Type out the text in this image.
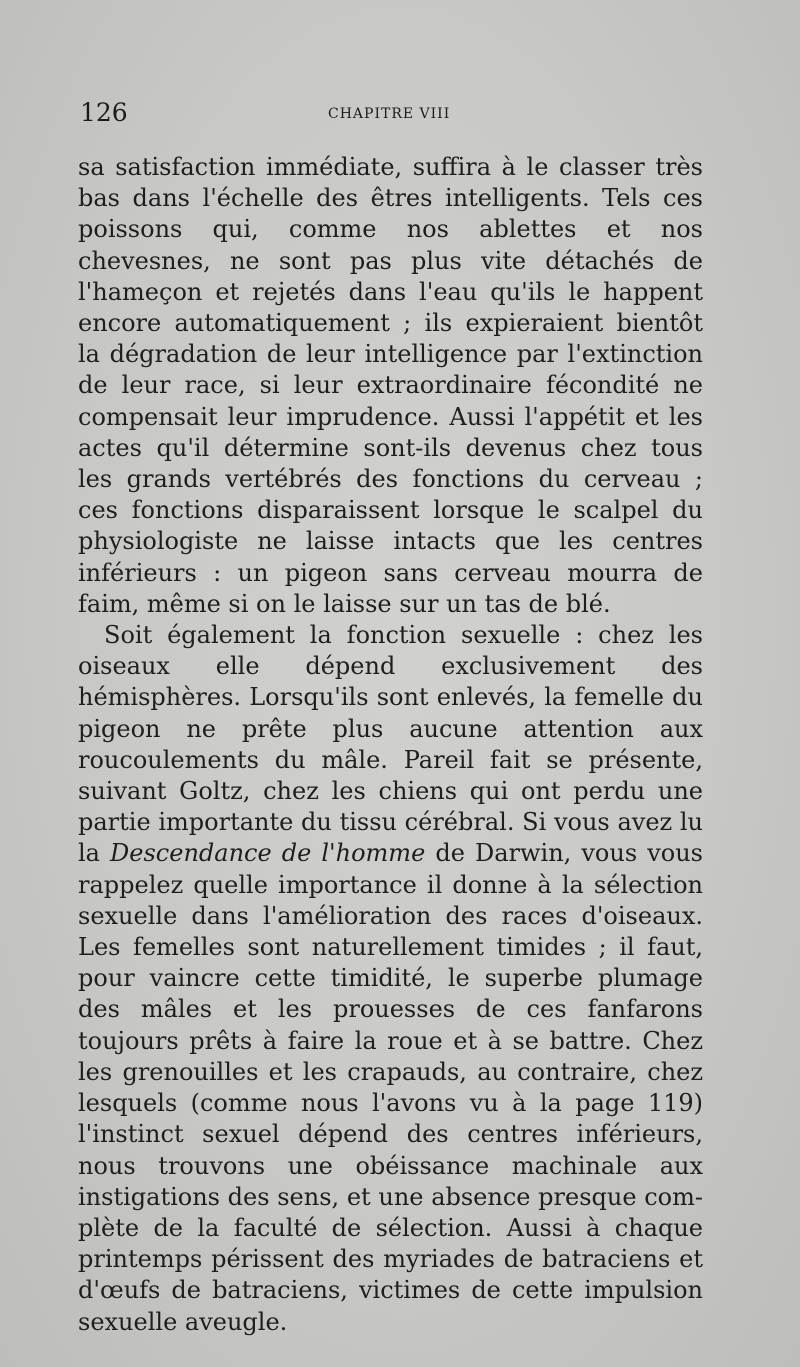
126	CHAPITRE VIII

sa satisfaction immédiate, suffira à le classer très bas dans l'échelle des êtres intelligents. Tels ces poissons qui, comme nos ablettes et nos chevesnes, ne sont pas plus vite détachés de l'hameçon et rejetés dans l'eau qu'ils le happent encore automatiquement ; ils expieraient bientôt la dégradation de leur intelligence par l'extinction de leur race, si leur extraordinaire fécondité ne compensait leur imprudence. Aussi l'appétit et les actes qu'il détermine sont-ils devenus chez tous les grands vertébrés des fonctions du cerveau ; ces fonctions disparaissent lorsque le scalpel du physiologiste ne laisse intacts que les centres inférieurs : un pigeon sans cerveau mourra de faim, même si on le laisse sur un tas de blé.

Soit également la fonction sexuelle : chez les oiseaux elle dépend exclusivement des hémisphères. Lorsqu'ils sont enlevés, la femelle du pigeon ne prête plus aucune attention aux roucoulements du mâle. Pareil fait se présente, suivant Goltz, chez les chiens qui ont perdu une partie importante du tissu cérébral. Si vous avez lu la Descendance de l'homme de Darwin, vous vous rappelez quelle importance il donne à la sélection sexuelle dans l'amélioration des races d'oiseaux. Les femelles sont naturellement timides ; il faut, pour vaincre cette timidité, le superbe plumage des mâles et les prouesses de ces fanfarons toujours prêts à faire la roue et à se battre. Chez les grenouilles et les crapauds, au contraire, chez lesquels (comme nous l'avons vu à la page 119) l'instinct sexuel dépend des centres inférieurs, nous trouvons une obéissance machinale aux instigations des sens, et une absence presque complète de la faculté de sélection. Aussi à chaque printemps périssent des myriades de batraciens et d'œufs de batraciens, victimes de cette impulsion sexuelle aveugle.
